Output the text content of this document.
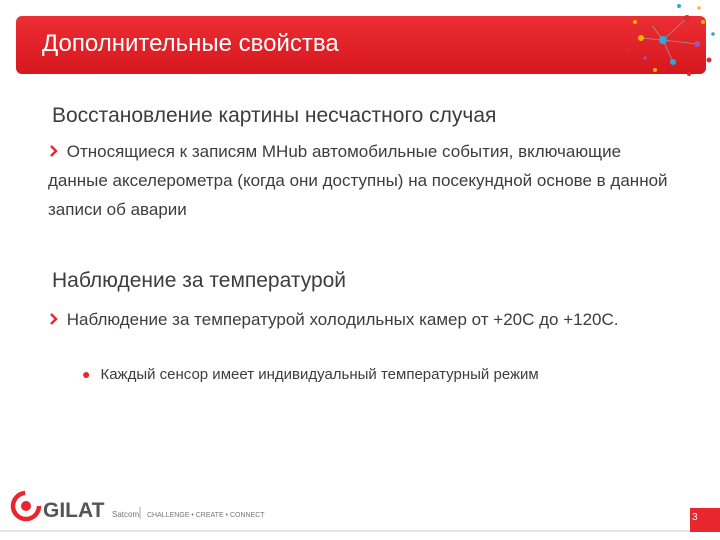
Дополнительные свойства
Восстановление картины несчастного случая
Относящиеся к записям MHub автомобильные события, включающие данные акселерометра (когда они доступны) на посекундной основе в данной записи об аварии
Наблюдение за температурой
Наблюдение за температурой холодильных камер от +20С до +120С.
● Каждый сенсор имеет индивидуальный температурный режим
GILAT Satcom CHALLENGE • CREATE • CONNECT	3
